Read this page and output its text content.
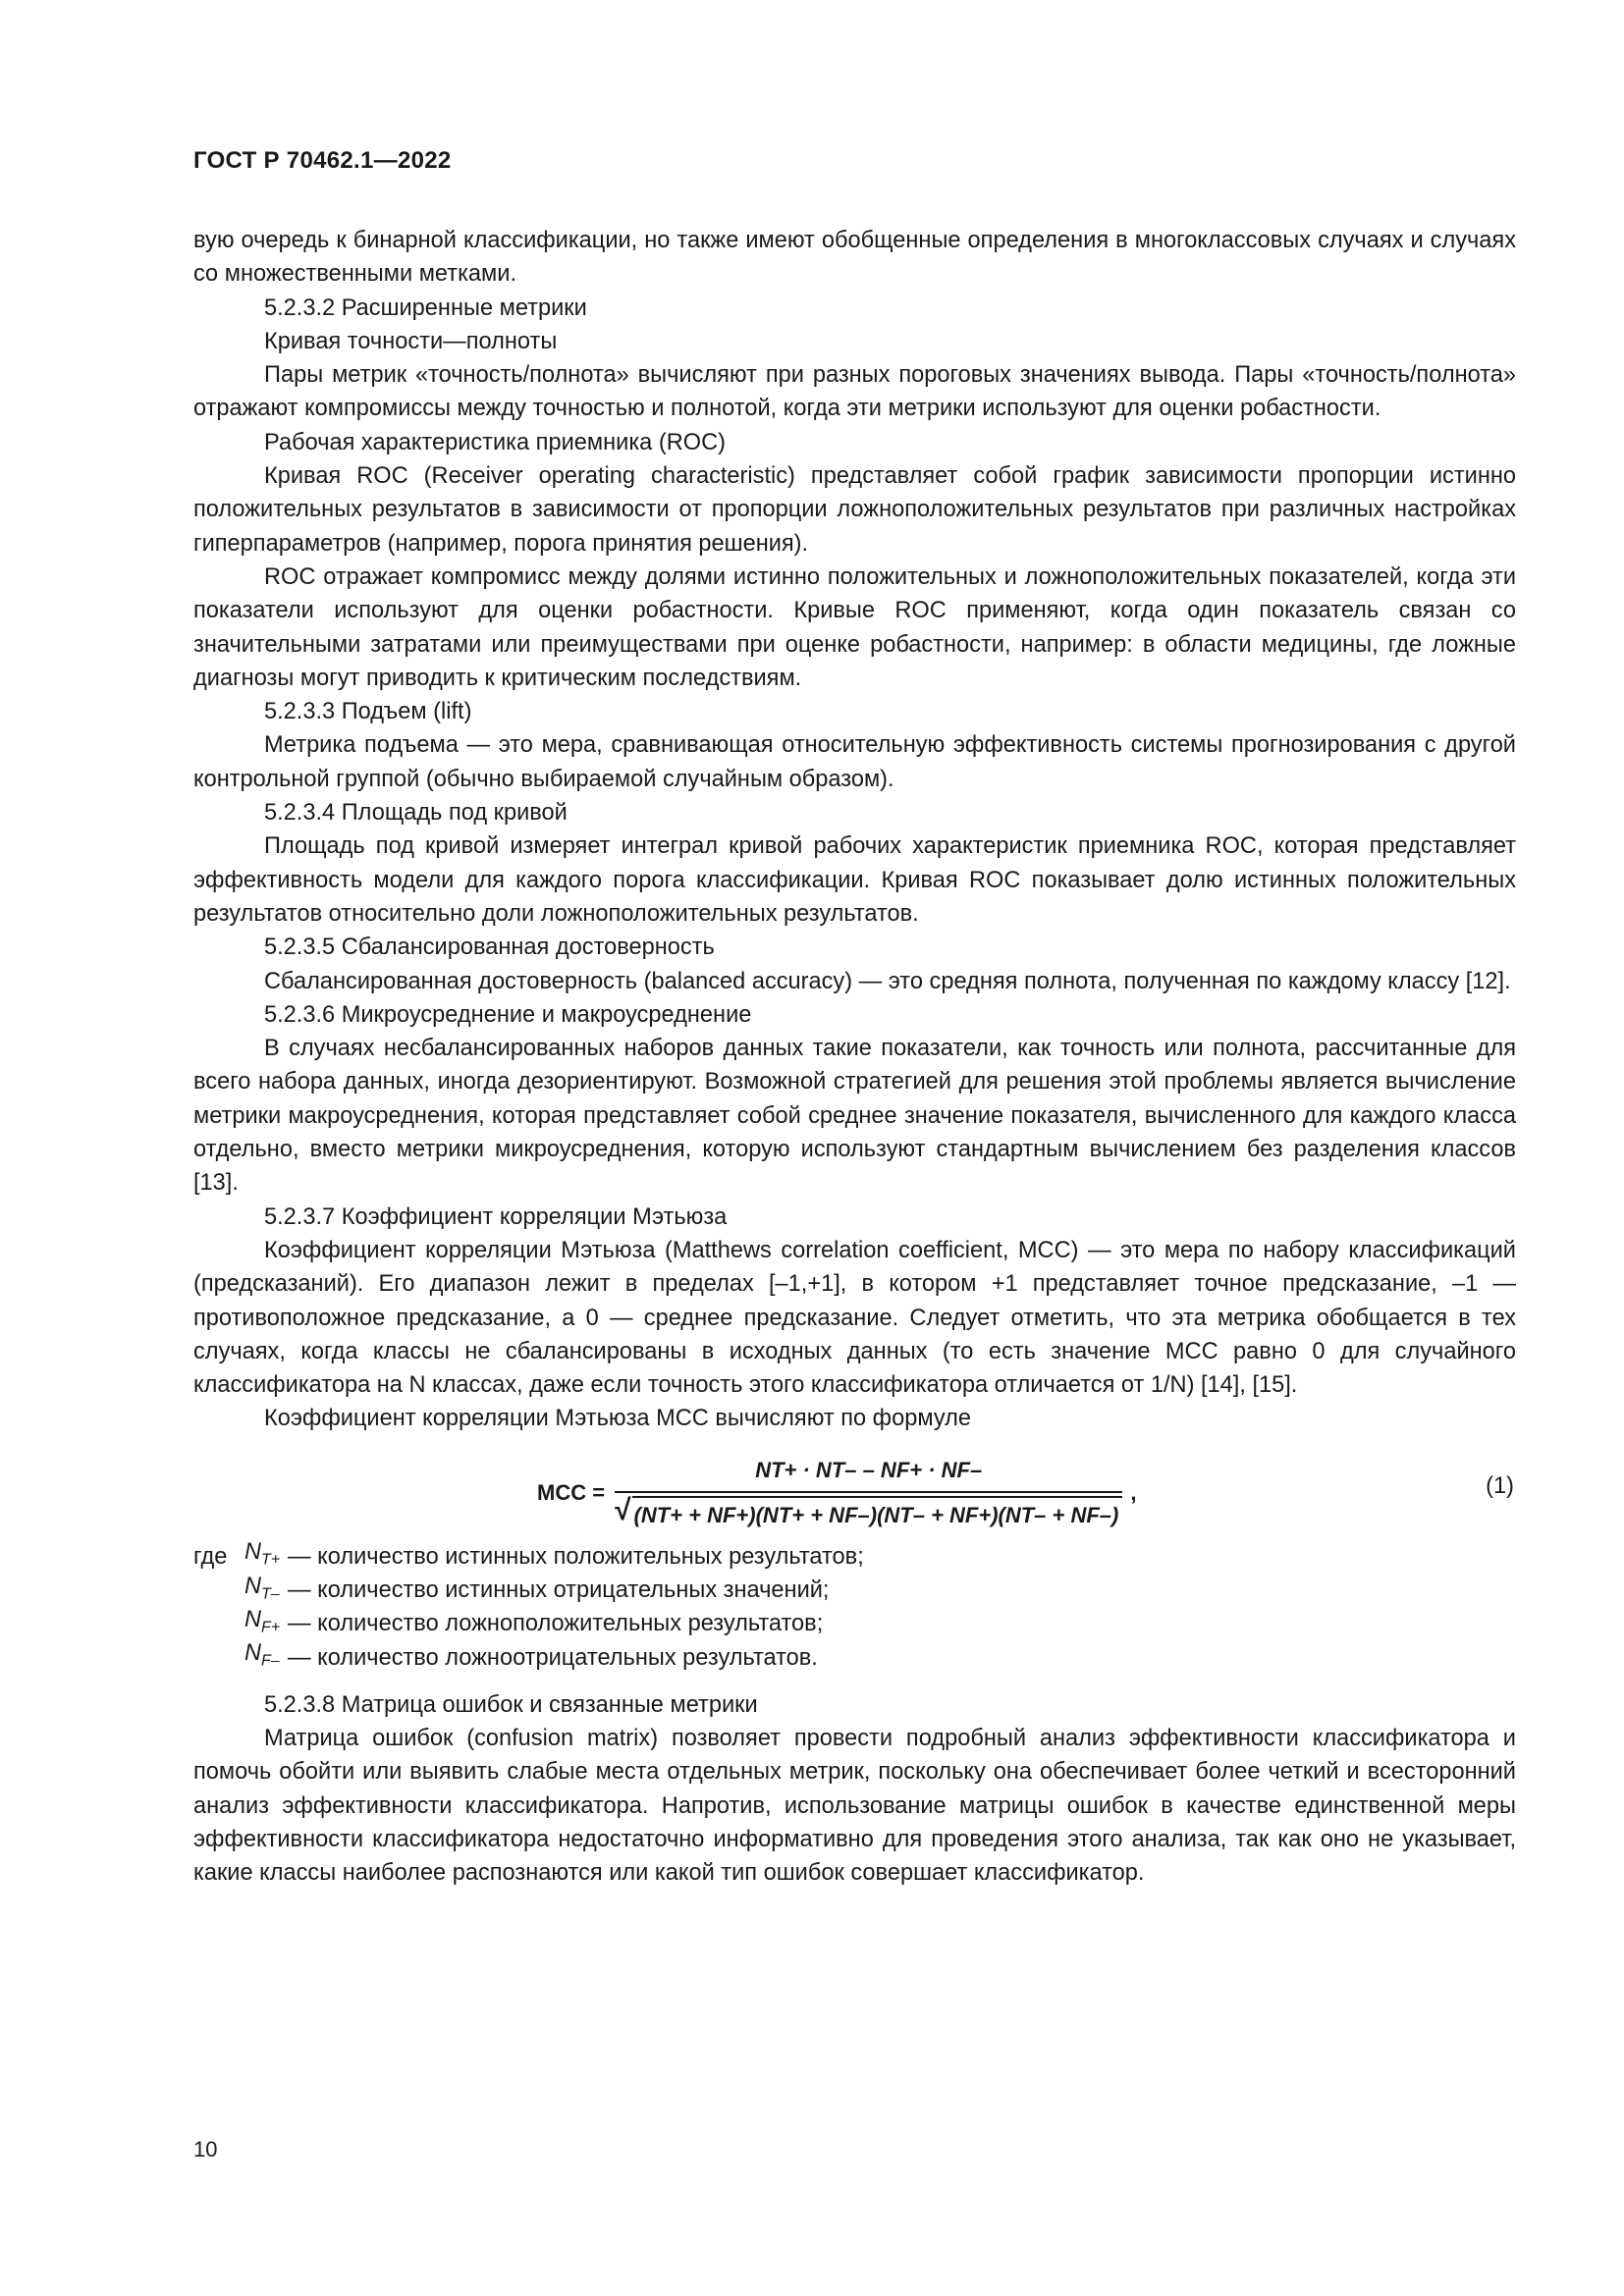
ГОСТ Р 70462.1—2022

вую очередь к бинарной классификации, но также имеют обобщенные определения в многоклассовых случаях и случаях со множественными метками.

5.2.3.2 Расширенные метрики

Кривая точности—полноты

Пары метрик «точность/полнота» вычисляют при разных пороговых значениях вывода. Пары «точность/полнота» отражают компромиссы между точностью и полнотой, когда эти метрики используют для оценки робастности.

Рабочая характеристика приемника (ROC)

Кривая ROC (Receiver operating characteristic) представляет собой график зависимости пропорции истинно положительных результатов в зависимости от пропорции ложноположительных результатов при различных настройках гиперпараметров (например, порога принятия решения).

ROC отражает компромисс между долями истинно положительных и ложноположительных показателей, когда эти показатели используют для оценки робастности. Кривые ROC применяют, когда один показатель связан со значительными затратами или преимуществами при оценке робастности, например: в области медицины, где ложные диагнозы могут приводить к критическим последствиям.

5.2.3.3 Подъем (lift)

Метрика подъема — это мера, сравнивающая относительную эффективность системы прогнозирования с другой контрольной группой (обычно выбираемой случайным образом).

5.2.3.4 Площадь под кривой

Площадь под кривой измеряет интеграл кривой рабочих характеристик приемника ROC, которая представляет эффективность модели для каждого порога классификации. Кривая ROC показывает долю истинных положительных результатов относительно доли ложноположительных результатов.

5.2.3.5 Сбалансированная достоверность

Сбалансированная достоверность (balanced accuracy) — это средняя полнота, полученная по каждому классу [12].

5.2.3.6 Микроусреднение и макроусреднение

В случаях несбалансированных наборов данных такие показатели, как точность или полнота, рассчитанные для всего набора данных, иногда дезориентируют. Возможной стратегией для решения этой проблемы является вычисление метрики макроусреднения, которая представляет собой среднее значение показателя, вычисленного для каждого класса отдельно, вместо метрики микроусреднения, которую используют стандартным вычислением без разделения классов [13].

5.2.3.7 Коэффициент корреляции Мэтьюза

Коэффициент корреляции Мэтьюза (Matthews correlation coefficient, MCC) — это мера по набору классификаций (предсказаний). Его диапазон лежит в пределах [–1,+1], в котором +1 представляет точное предсказание, –1 — противоположное предсказание, а 0 — среднее предсказание. Следует отметить, что эта метрика обобщается в тех случаях, когда классы не сбалансированы в исходных данных (то есть значение MCC равно 0 для случайного классификатора на N классах, даже если точность этого классификатора отличается от 1/N) [14], [15].

Коэффициент корреляции Мэтьюза MCC вычисляют по формуле

MCC = $\frac{NT+ \cdot NT- - NF+ \cdot NF-}{√ (NT+ + NF+)(NT+ + NF-)(NT- + NF+)(NT- + NF-)}$ ,	(1)
где $N_{T+}$ — количество истинных положительных результатов;
$N_{T-}$ — количество истинных отрицательных значений;
$N_{F+}$ — количество ложноположительных результатов;
$N_{F-}$ — количество ложноотрицательных результатов.

5.2.3.8 Матрица ошибок и связанные метрики

Матрица ошибок (confusion matrix) позволяет провести подробный анализ эффективности классификатора и помочь обойти или выявить слабые места отдельных метрик, поскольку она обеспечивает более четкий и всесторонний анализ эффективности классификатора. Напротив, использование матрицы ошибок в качестве единственной меры эффективности классификатора недостаточно информативно для проведения этого анализа, так как оно не указывает, какие классы наиболее распознаются или какой тип ошибок совершает классификатор.

10
